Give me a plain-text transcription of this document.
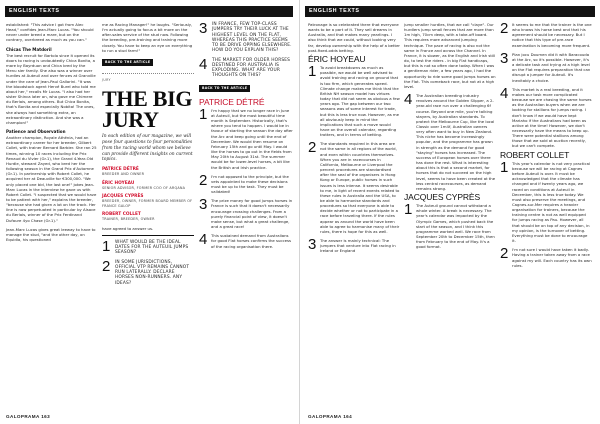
ENGLISH TEXTS

established: "This advice I got from Alec Head," confides Jean-Marc Lucas. "You should never under breed a mare, but on the contrary, overbreed as much as you can."

Chicas The Matdoril

The best recruit for Bartolo since it opened its doors to racing is undoubtedly Chica Bonita, a mare by Bayrduon and Chica bred by the Menu sier family. She also was a winner over hurdles at Auteuil and over fences at Granville under the care of Jean-Paul Gallorini. "It was the bloodstock agent Hervé Burel who told me about her," recalls Mr Lucas. "I also had her sister Shinca later on, who gave me Chimere du Berlais, among others. But Chica Bonita, that's Bonita and especially Nobita! The ones, she always had something extra, an extraordinary distinction. And she was a champion!"

Patience and Observation

Another champion, Royale Athénia, had an extraordinary career for her breeder, Gilbert Collet, with trainer Bernard Barbier. She ran 25 times, winning 10 races including the Prix Renaud du Vivier (Gr.1), the Grand 4-Year-Old Hurdle, steward Zayed, who bred her the following season in the Grand Prix d'Automne (Gr.1). In partnership with Robert Collet, he acquired her at Deauville for €300,000. "We only placed one bid, the last one!" jokes Jean-Marc Lucas in the interview he gave us with Robert Collet. "I suspected that we would have to be patient with her," explains the breeder, "because she had given a lot on the track. Her line is now perpetuated in particular by Alsace du Berlais, winner of the Prix Ferdinand Dufaure 4yo Chase (Gr.1)."

Jean-Marc Lucas gives great leeway to have to manage the stud, "and the other day, on Equidia, his questioned

me as Racing Manager!" he laughs. "Seriously, I'm actually going to focus a bit more on the after-sales service of the stud now. Following the breeding, pre-training and training more closely. You have to keep an eye on everything to run a stud farm!"

BACK TO THE ARTICLE
JURY
THE BIG JURY
In each edition of our magazine, we will pose four questions to four personalities from the racing world whom we believe can provide different insights on current topics.
PATRICE DÉTRÉ
BREEDER AND OWNER
ÉRIC HOYEAU
SENIOR ADVISOR, FORMER COO OF ARQANA
JACQUES CYPRÈS
BREEDER, OWNER, FORMER BOARD MEMBER OF FRANCE GALOP
ROBERT COLLET
TRAINER, BREEDER, OWNER

have agreed to answer us.

1 WHAT WOULD BE THE IDEAL DATES FOR THE AUTEUIL JUMPS SEASON?
2 IN SOME JURISDICTIONS, OFFICIAL VTP REMAINS CANNOT RUN LATERALLY. DECLARE HORSES NON-RUNNERS. ANY IDEAS?
3 IN FRANCE, FEW TOP-CLASS JUMPERS TRY THEIR LUCK AT THE HIGHEST LEVEL ON THE FLAT, WHEREAS THIS PRACTICE SEEMS TO BE DRIVE OPPING ELSEWHERE. HOW DO YOU EXPLAIN THIS?
4 THE MARKET FOR OLDER HORSES DESTINED FOR AUSTRALIA IS EXPLODING. WHAT ARE YOUR THOUGHTS ON THIS?
BACK TO THE ARTICLE
PATRICE DÉTRÉ
1 I'm happy that we no longer race in June at Auteuil, but the most beautiful time month is September. Historically, that's where you tend to happen. I would be in favour of starting the season the day after the Arc and keep going until the end of December. We would then resume on February 15th and go until May. I would like the horses to go out in the fields from May 20th to August 31st. The summer would be for lower-level horses, a bit like the British and Irish practice.
2 I'm not opposed to the principle, but the vets appointed to make these decisions must be up to the task. They must be validated!
3 The prize money for good jumps horses in France is such that it doesn't necessarily encourage crossing challenges. From a purely financial point of view, it doesn't make sense, but what a great challenge, and a great race!
4 This sustained demand from Australians for good Flat horses confirms the success of the racing organisation there.
GALOPRAMA 163
ENGLISH TEXTS

Patronage is so celebrated there that everyone wants to be a part of it. They sell dreams in Australia, and that makes many yearlings. I also think that we could, without looking very far, develop ownership with the help of a better post-fixed-odds betting.

ÉRIC HOYEAU
1 To avoid breakdowns as much as possible, we would be well advised to avoid training and racing on ground that is too firm, which generates speed. Climate change makes me think that the British NH season model has virtues today that did not seem as obvious a few years ago. The gap between our two seasons was of some interest for trade, but this is less true now. However, as me all obviously keep in mind the implications that such a move would have on the overall calendar, regarding trotters, and in terms of betting.
2 The standards required in this area are not the same in all regions of the world, and even within countries themselves. When you are in racecourses in California, Melbourne or Liverpool the percent procedures are standardised after the seal of the organisers in Hong Kong or Europe, public horses in such issues is less intense. It seems desirable to me, in light of recent events related to these rules in Australia and the USA, to be able to harmonise standards and procedures so that everyone is able to decide whether or not to participate in a race before traveling there. If the rules appear as around the world have been able to agree to harmonise many of their rules, there is hope for this as well.
3 The answer is mainly technical: The jumpers that venture into Flat racing in Ireland or England

jump smaller hurdles, that we call "claye". Our hurdlers jump small fences that are more than 1m high, 70cm deep, with a take-off board. This requires more advanced jumping technique. The pace of racing is also not the same in France and across the Channel. In France, it is slower, as the English and Irish still do, to test the riders - in big Flat handicaps, but this is not so often done today. When I was a gentleman rider, a few years ago, I had the opportunity to ride some good jumps horses on the Flat. This comeback race, but not at a high level.

4 The Australian breeding industry revolves around the Golden Slipper, a 2-year-old race run over a challenging 6f course. Beyond one mile, you're talking stayers, by Australian standards. To protect the Melbourne Cup, like the local Classic over 1m4f, Australian owners very often want to buy in New Zealand. This niche has become increasingly popular, and the programme has grown in strength as the demand for good "staying" horses has increased. The success of European horses over there has done the rest. What is interesting about this is that a second market, for horses that do not succeed on the high level, seems to have been created at the less central racecourses, as demand remains strong.
JACQUES CYPRÈS
1 The Auteuil ground cannot withstand a whole winter. A break is necessary. The year's calendar was impacted by the Olympic Games, which pushed back the start of the season, and I think this programme worked well. We race from September 20th to December 15th, then from February to the end of May. It's a good format.
2 It seems to me that the trainer is the one who knows his horse best and that his agreement should be necessary. But I notice that this type of pre-race examination is becoming more frequent.
3 Plan jocu Doumen did it with Baracouda at the Arc, so it's possible. However, it's a delicate task and trying at a high level on the Flat requires preparation that can disrupt a jumper for Auteuil. It's inevitably a choice.
4 This market is a real breeding, and it makes our task more complicated because we are chasing the same horses as the Australian buyers when we are looking for stallions for jumps racing. I don't know if we would have kept Mariaho if the Australians had been as active at the time! However, we don't necessarily have the means to keep up. There were potential stallions among those that we sold at auction recently, but we can't compete.
ROBERT COLLET
1 This year's calendar is not very practical because we will be racing at Cagnes before Auteuil is over. It must be acknowledged that the climate has changed and if twenty years ago, we raced on conditions at Auteuil in December, this is less true today. We must also preserve the meetings, and Cagnes-sur-Mer requires a heavier organisation for trainers, because the training centre is not as well equipped for jumps racing as Pau. However, all that should be on top of any decision, in my opinion, is the turnover of betting. Everything must be done to encourage it.
2 I'm not sure I would have taken it badly. Having a trainer taken away from a race against my will. Each country has its own rules.
GALOPRAMA 164
